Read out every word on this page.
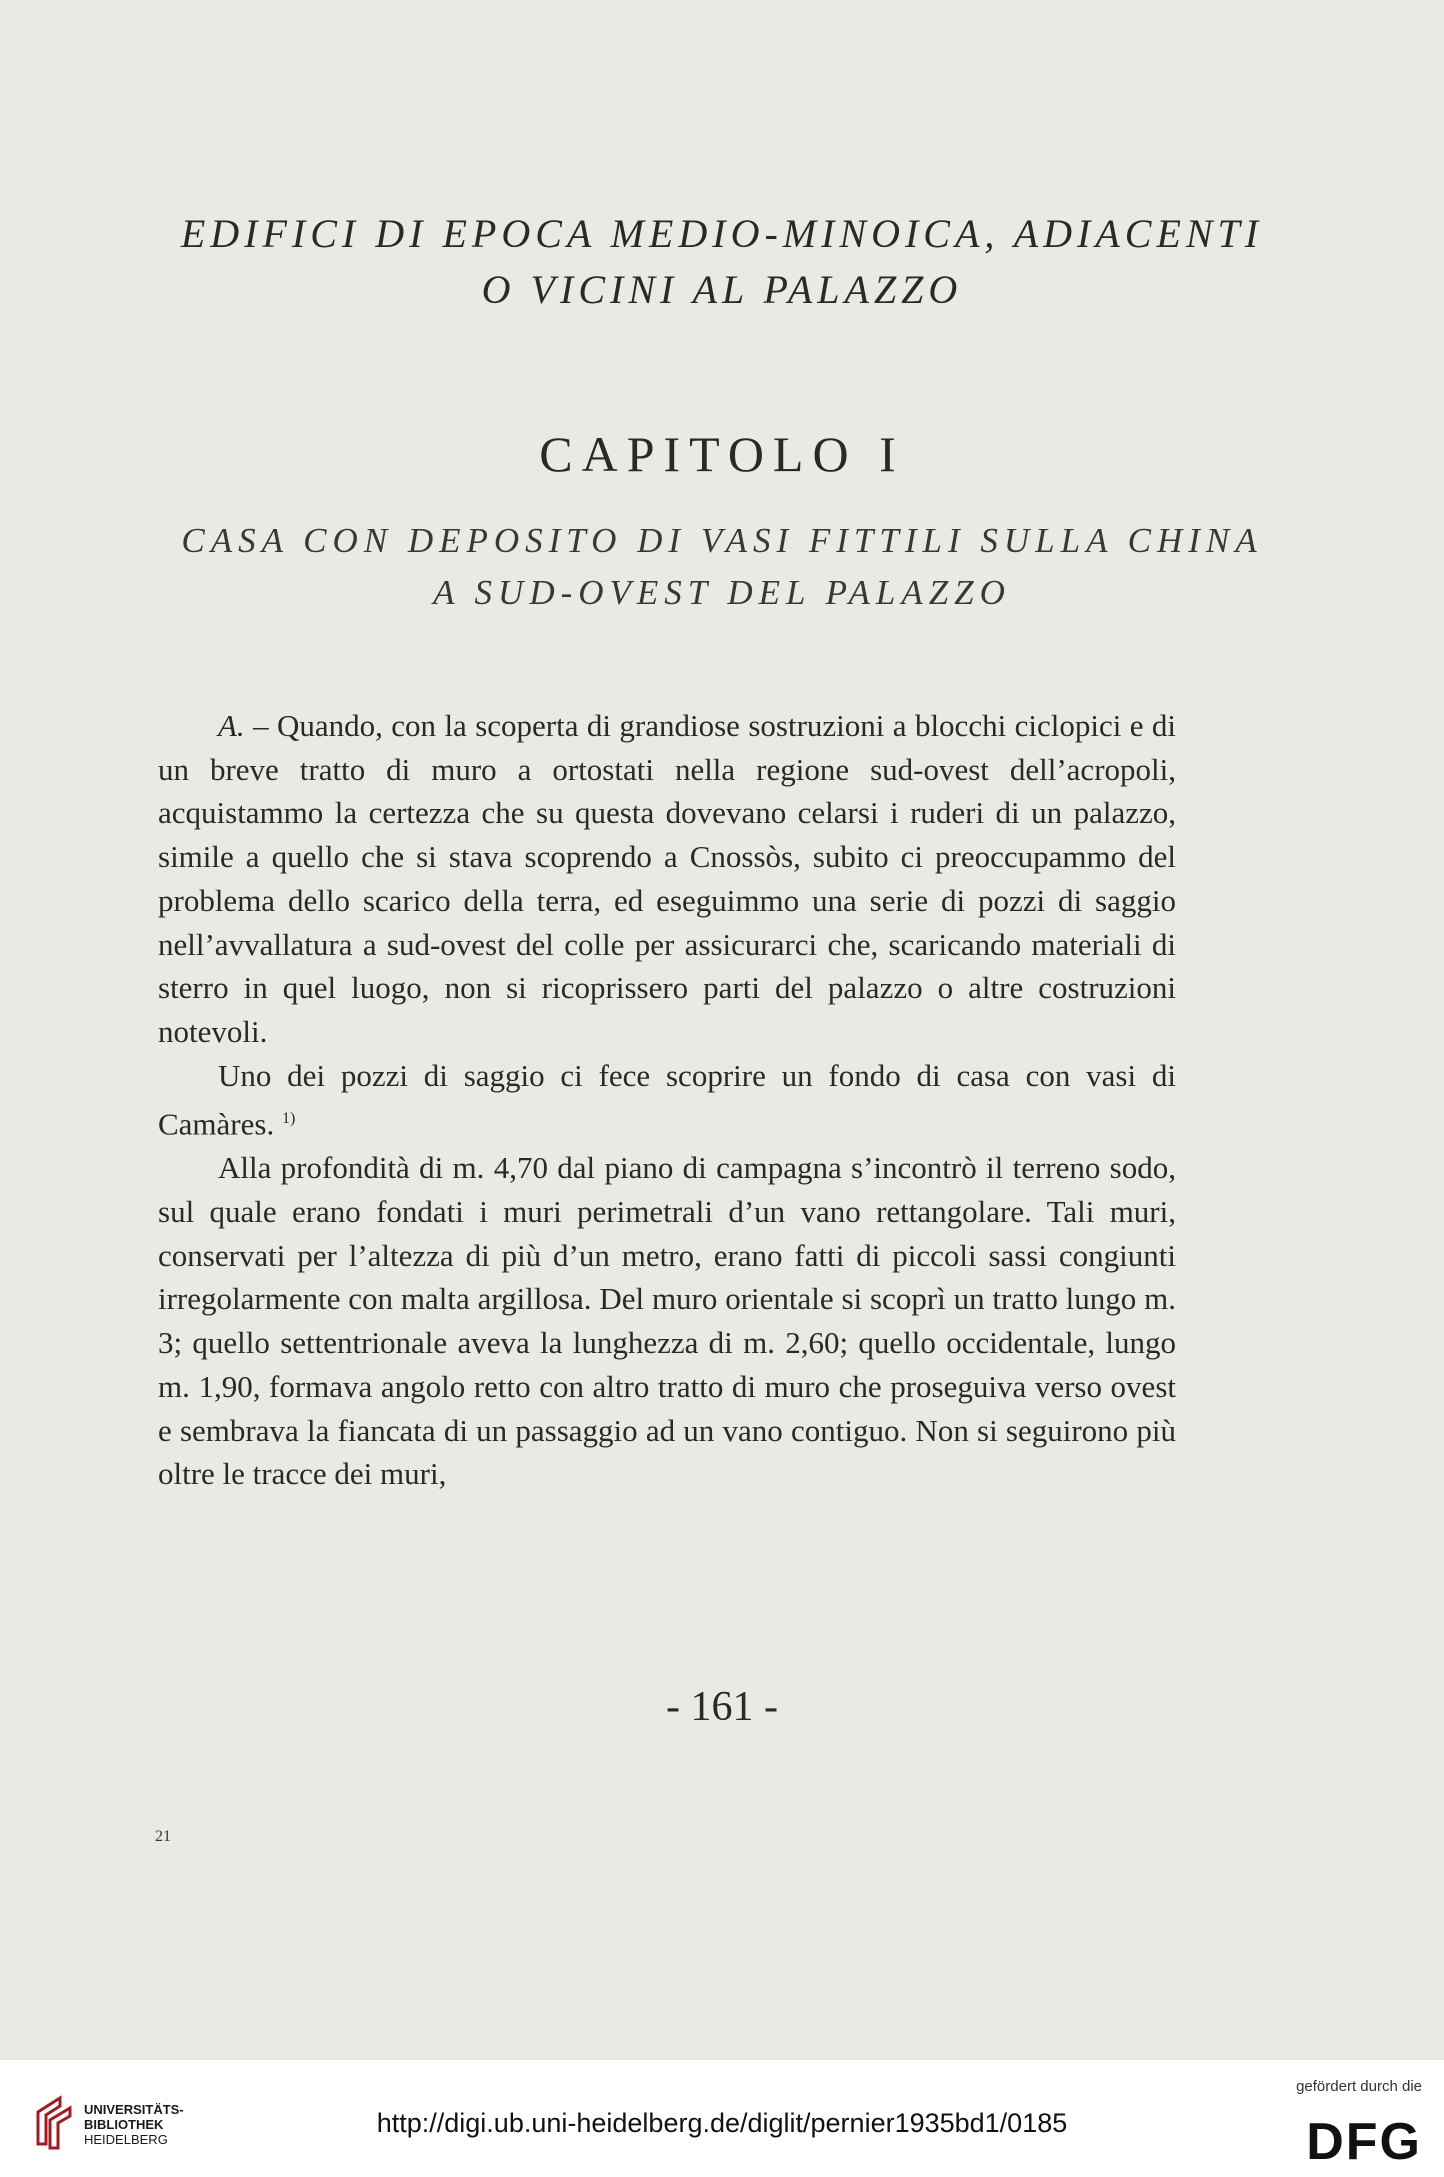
EDIFICI DI EPOCA MEDIO-MINOICA, ADIACENTI
O VICINI AL PALAZZO
CAPITOLO I
CASA CON DEPOSITO DI VASI FITTILI SULLA CHINA
A SUD-OVEST DEL PALAZZO

A. – Quando, con la scoperta di grandiose sostruzioni a blocchi ciclopici e di un breve tratto di muro a ortostati nella regione sud-ovest dell’acropoli, acquistammo la certezza che su questa dovevano celarsi i ruderi di un palazzo, simile a quello che si stava scoprendo a Cnossòs, subito ci preoccupammo del problema dello scarico della terra, ed eseguimmo una serie di pozzi di saggio nell’avvallatura a sud-ovest del colle per assicurarci che, scaricando materiali di sterro in quel luogo, non si ricoprissero parti del palazzo o altre costruzioni notevoli.

Uno dei pozzi di saggio ci fece scoprire un fondo di casa con vasi di Camàres. $^{1)}$

Alla profondità di m. 4,70 dal piano di campagna s’incontrò il terreno sodo, sul quale erano fondati i muri perimetrali d’un vano rettangolare. Tali muri, conservati per l’altezza di più d’un metro, erano fatti di piccoli sassi congiunti irregolarmente con malta argillosa. Del muro orientale si scoprì un tratto lungo m. 3; quello settentrionale aveva la lunghezza di m. 2,60; quello occidentale, lungo m. 1,90, formava angolo retto con altro tratto di muro che proseguiva verso ovest e sembrava la fiancata di un passaggio ad un vano contiguo. Non si seguirono più oltre le tracce dei muri,

- 161 -
21
UNIVERSITÄTS-
BIBLIOTHEK
HEIDELBERG
http://digi.ub.uni-heidelberg.de/diglit/pernier1935bd1/0185
gefördert durch die
DFG
